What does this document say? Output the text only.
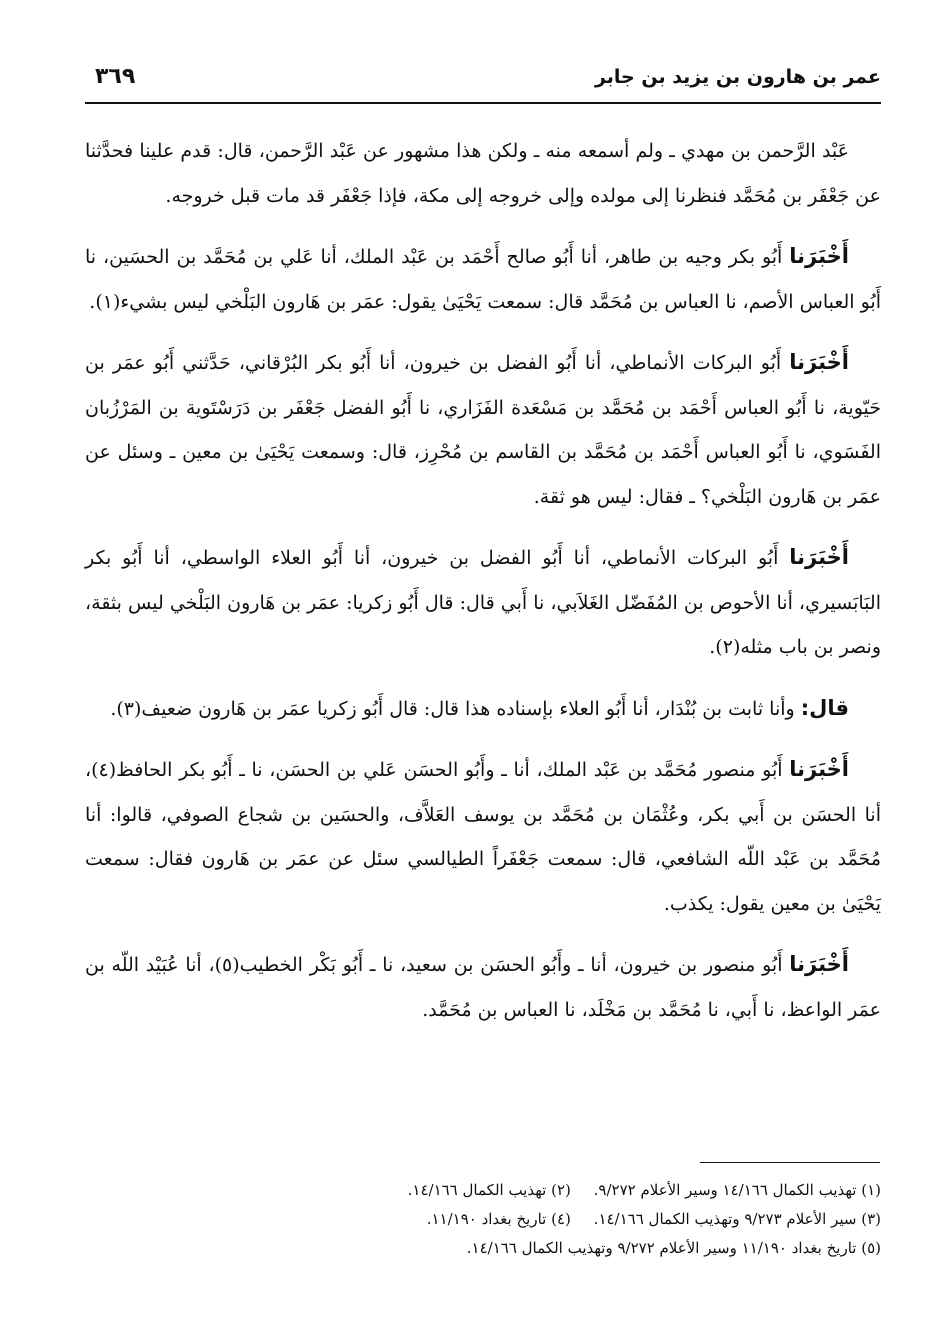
٣٦٩	عمر بن هارون بن يزيد بن جابر

عَبْد الرَّحمن بن مهدي ـ ولم أسمعه منه ـ ولكن هذا مشهور عن عَبْد الرَّحمن، قال: قدم علينا فحدَّثنا عن جَعْفَر بن مُحَمَّد فنظرنا إلى مولده وإلى خروجه إلى مكة، فإذا جَعْفَر قد مات قبل خروجه.

أَخْبَرَنا أَبُو بكر وجيه بن طاهر، أنا أَبُو صالح أَحْمَد بن عَبْد الملك، أنا عَلي بن مُحَمَّد بن الحسَين، نا أَبُو العباس الأصم، نا العباس بن مُحَمَّد قال: سمعت يَحْيَىٰ يقول: عمَر بن هَارون البَلْخي ليس بشيء(١).

أَخْبَرَنا أَبُو البركات الأنماطي، أنا أَبُو الفضل بن خيرون، أنا أَبُو بكر البُرْقاني، حَدَّثني أَبُو عمَر بن حَيّوية، نا أَبُو العباس أَحْمَد بن مُحَمَّد بن مَسْعَدة الفَزَاري، نا أَبُو الفضل جَعْفَر بن دَرَسْتَوية بن المَرْزُبان الفَسَوي، نا أَبُو العباس أَحْمَد بن مُحَمَّد بن القاسم بن مُحْرِز، قال: وسمعت يَحْيَىٰ بن معين ـ وسئل عن عمَر بن هَارون البَلْخي؟ ـ فقال: ليس هو ثقة.

أَخْبَرَنا أَبُو البركات الأنماطي، أنا أَبُو الفضل بن خيرون، أنا أَبُو العلاء الواسطي، أنا أَبُو بكر البَابَسيري، أنا الأحوص بن المُفَضّل الغَلاَبي، نا أَبي قال: قال أَبُو زكريا: عمَر بن هَارون البَلْخي ليس بثقة، ونصر بن باب مثله(٢).

قال: وأنا ثابت بن بُنْدَار، أنا أَبُو العلاء بإسناده هذا قال: قال أَبُو زكريا عمَر بن هَارون ضعيف(٣).

أَخْبَرَنا أَبُو منصور مُحَمَّد بن عَبْد الملك، أنا ـ وأَبُو الحسَن عَلي بن الحسَن، نا ـ أَبُو بكر الحافظ(٤)، أنا الحسَن بن أَبي بكر، وعُثْمَان بن مُحَمَّد بن يوسف العَلاَّف، والحسَين بن شجاع الصوفي، قالوا: أنا مُحَمَّد بن عَبْد اللّه الشافعي، قال: سمعت جَعْفَراً الطيالسي سئل عن عمَر بن هَارون فقال: سمعت يَحْيَىٰ بن معين يقول: يكذب.

أَخْبَرَنا أَبُو منصور بن خيرون، أنا ـ وأَبُو الحسَن بن سعيد، نا ـ أَبُو بَكْر الخطيب(٥)، أنا عُبَيْد اللّه بن عمَر الواعظ، نا أَبي، نا مُحَمَّد بن مَخْلَد، نا العباس بن مُحَمَّد.

(١) تهذيب الكمال ١٤/١٦٦ وسير الأعلام ٩/٢٧٢. (٢) تهذيب الكمال ١٤/١٦٦.
(٣) سير الأعلام ٩/٢٧٣ وتهذيب الكمال ١٤/١٦٦. (٤) تاريخ بغداد ١١/١٩٠.
(٥) تاريخ بغداد ١١/١٩٠ وسير الأعلام ٩/٢٧٢ وتهذيب الكمال ١٤/١٦٦.
